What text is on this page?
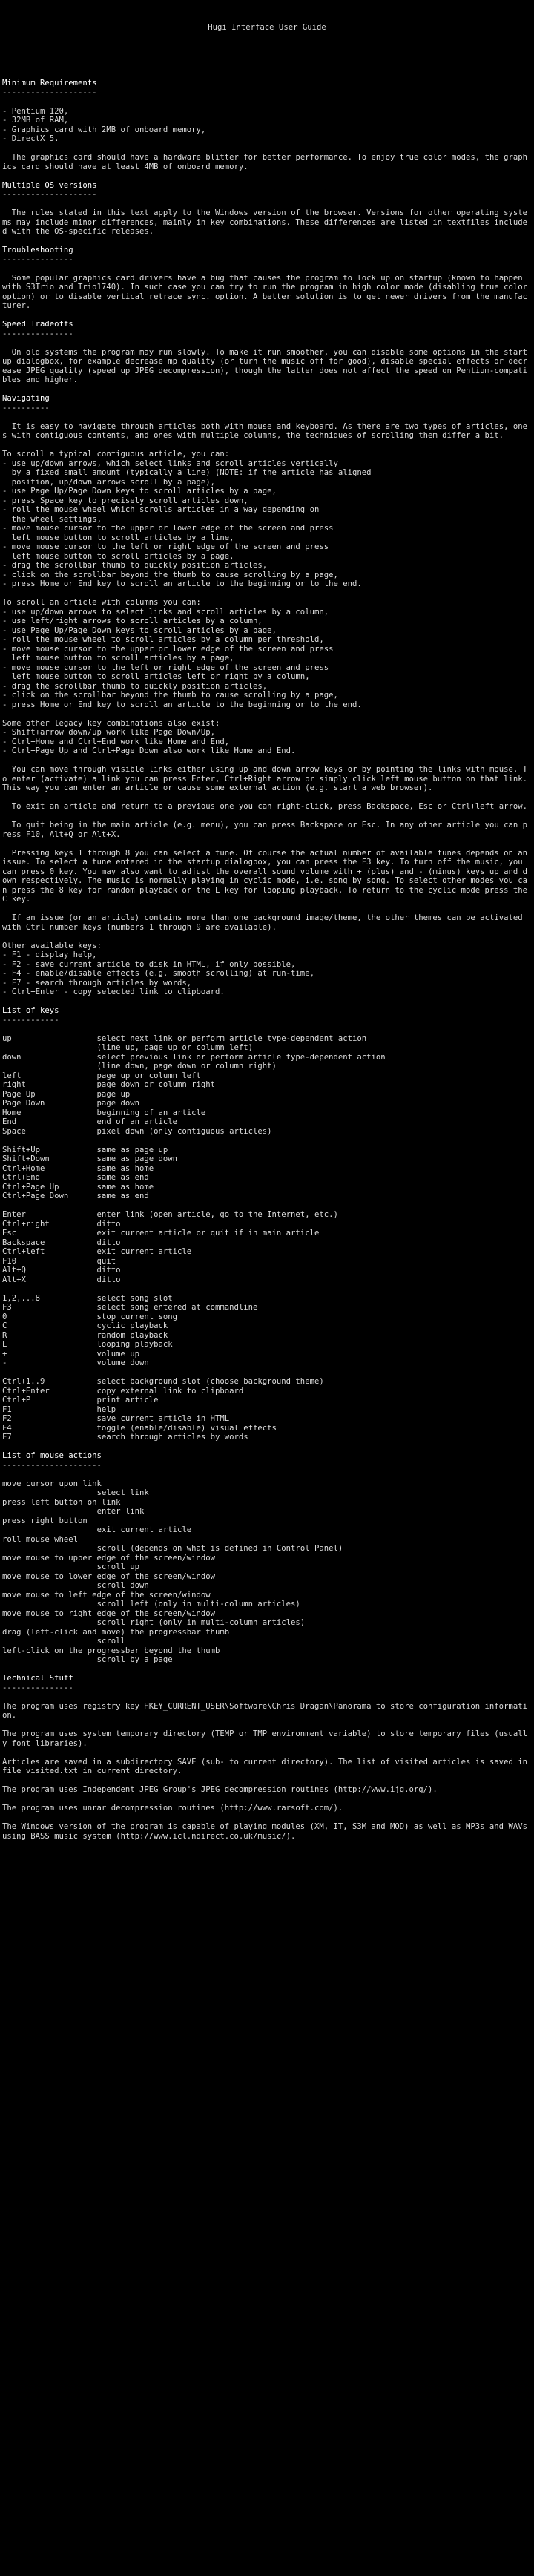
Hugi Interface User Guide

Minimum Requirements
--------------------
- Pentium 120,
- 32MB of RAM,
- Graphics card with 2MB of onboard memory,
- DirectX 5.
The graphics card should have a hardware blitter for better performance. To enjoy true color modes, the graphics card should have at least 4MB of onboard memory.
Multiple OS versions
--------------------
The rules stated in this text apply to the Windows version of the browser. Versions for other operating systems may include minor differences, mainly in key combinations. These differences are listed in textfiles included with the OS-specific releases.
Troubleshooting
---------------
Some popular graphics card drivers have a bug that causes the program to lock up on startup (known to happen with S3Trio and Trio1740). In such case you can try to run the program in high color mode (disabling true color option) or to disable vertical retrace sync. option. A better solution is to get newer drivers from the manufacturer.
Speed Tradeoffs
---------------
On old systems the program may run slowly. To make it run smoother, you can disable some options in the startup dialogbox, for example decrease mp quality (or turn the music off for good), disable special effects or decrease JPEG quality (speed up JPEG decompression), though the latter does not affect the speed on Pentium-compatibles and higher.
Navigating
----------
It is easy to navigate through articles both with mouse and keyboard. As there are two types of articles, ones with contiguous contents, and ones with multiple columns, the techniques of scrolling them differ a bit.
To scroll a typical contiguous article, you can:
- use up/down arrows, which select links and scroll articles vertically
by a fixed small amount (typically a line) (NOTE: if the article has aligned
position, up/down arrows scroll by a page),
- use Page Up/Page Down keys to scroll articles by a page,
- press Space key to precisely scroll articles down,
- roll the mouse wheel which scrolls articles in a way depending on
the wheel settings,
- move mouse cursor to the upper or lower edge of the screen and press
left mouse button to scroll articles by a line,
- move mouse cursor to the left or right edge of the screen and press
left mouse button to scroll articles by a page,
- drag the scrollbar thumb to quickly position articles,
- click on the scrollbar beyond the thumb to cause scrolling by a page,
- press Home or End key to scroll an article to the beginning or to the end.
To scroll an article with columns you can:
- use up/down arrows to select links and scroll articles by a column,
- use left/right arrows to scroll articles by a column,
- use Page Up/Page Down keys to scroll articles by a page,
- roll the mouse wheel to scroll articles by a column per threshold,
- move mouse cursor to the upper or lower edge of the screen and press
left mouse button to scroll articles by a page,
- move mouse cursor to the left or right edge of the screen and press
left mouse button to scroll articles left or right by a column,
- drag the scrollbar thumb to quickly position articles,
- click on the scrollbar beyond the thumb to cause scrolling by a page,
- press Home or End key to scroll an article to the beginning or to the end.
Some other legacy key combinations also exist:
- Shift+arrow down/up work like Page Down/Up,
- Ctrl+Home and Ctrl+End work like Home and End,
- Ctrl+Page Up and Ctrl+Page Down also work like Home and End.
You can move through visible links either using up and down arrow keys or by pointing the links with mouse. To enter (activate) a link you can press Enter, Ctrl+Right arrow or simply click left mouse button on that link. This way you can enter an article or cause some external action (e.g. start a web browser).
To exit an article and return to a previous one you can right-click, press Backspace, Esc or Ctrl+left arrow.
To quit being in the main article (e.g. menu), you can press Backspace or Esc. In any other article you can press F10, Alt+Q or Alt+X.
Pressing keys 1 through 8 you can select a tune. Of course the actual number of available tunes depends on an issue. To select a tune entered in the startup dialogbox, you can press the F3 key. To turn off the music, you can press 0 key. You may also want to adjust the overall sound volume with + (plus) and - (minus) keys up and down respectively. The music is normally playing in cyclic mode, i.e. song by song. To select other modes you can press the 8 key for random playback or the L key for looping playback. To return to the cyclic mode press the C key.
If an issue (or an article) contains more than one background image/theme, the other themes can be activated with Ctrl+number keys (numbers 1 through 9 are available).
Other available keys:
- F1 - display help,
- F2 - save current article to disk in HTML, if only possible,
- F4 - enable/disable effects (e.g. smooth scrolling) at run-time,
- F7 - search through articles by words,
- Ctrl+Enter - copy selected link to clipboard.
List of keys
------------
up                  select next link or perform article type-dependent action
(line up, page up or column left)
down                select previous link or perform article type-dependent action
(line down, page down or column right)
left                page up or column left
right               page down or column right
Page Up             page up
Page Down           page down
Home                beginning of an article
End                 end of an article
Space               pixel down (only contiguous articles)
Shift+Up            same as page up
Shift+Down          same as page down
Ctrl+Home           same as home
Ctrl+End            same as end
Ctrl+Page Up        same as home
Ctrl+Page Down      same as end
Enter               enter link (open article, go to the Internet, etc.)
Ctrl+right          ditto
Esc                 exit current article or quit if in main article
Backspace           ditto
Ctrl+left           exit current article
F10                 quit
Alt+Q               ditto
Alt+X               ditto
1,2,...8            select song slot
F3                  select song entered at commandline
0                   stop current song
C                   cyclic playback
R                   random playback
L                   looping playback
+                   volume up
-                   volume down
Ctrl+1..9           select background slot (choose background theme)
Ctrl+Enter          copy external link to clipboard
Ctrl+P              print article
F1                  help
F2                  save current article in HTML
F4                  toggle (enable/disable) visual effects
F7                  search through articles by words
List of mouse actions
---------------------
move cursor upon link
select link
press left button on link
enter link
press right button
exit current article
roll mouse wheel
scroll (depends on what is defined in Control Panel)
move mouse to upper edge of the screen/window
scroll up
move mouse to lower edge of the screen/window
scroll down
move mouse to left edge of the screen/window
scroll left (only in multi-column articles)
move mouse to right edge of the screen/window
scroll right (only in multi-column articles)
drag (left-click and move) the progressbar thumb
scroll
left-click on the progressbar beyond the thumb
scroll by a page
Technical Stuff
---------------
The program uses registry key HKEY_CURRENT_USER\Software\Chris Dragan\Panorama to store configuration information.
The program uses system temporary directory (TEMP or TMP environment variable) to store temporary files (usually font libraries).
Articles are saved in a subdirectory SAVE (sub- to current directory). The list of visited articles is saved in file visited.txt in current directory.
The program uses Independent JPEG Group's JPEG decompression routines (http://www.ijg.org/).
The program uses unrar decompression routines (http://www.rarsoft.com/).
The Windows version of the program is capable of playing modules (XM, IT, S3M and MOD) as well as MP3s and WAVs using BASS music system (http://www.icl.ndirect.co.uk/music/).
